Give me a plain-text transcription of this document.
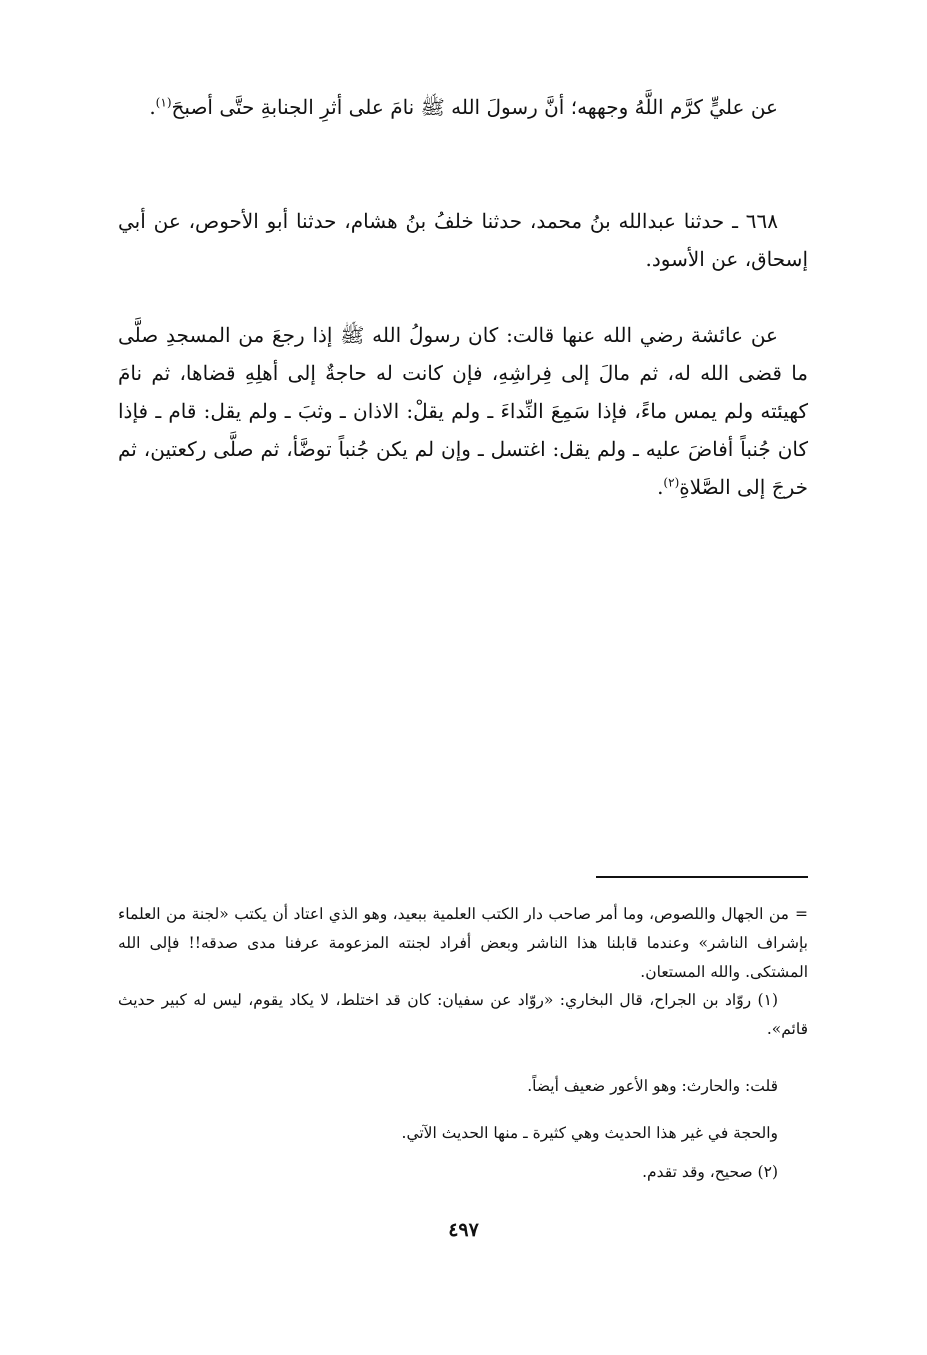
عن عليٍّ كرَّم اللَّهُ وجههه؛ أنَّ رسولَ الله ﷺ نامَ على أثرِ الجنابةِ حتَّى أصبحَ$^{(١)}$.

٦٦٨ ـ حدثنا عبدالله بنُ محمد، حدثنا خلفُ بنُ هشام، حدثنا أبو الأحوص، عن أبي إسحاق، عن الأسود.

عن عائشة رضي الله عنها قالت: كان رسولُ الله ﷺ إذا رجعَ من المسجدِ صلَّى ما قضى الله له، ثم مالَ إلى فِراشِهِ، فإن كانت له حاجةٌ إلى أهلِهِ قضاها، ثم نامَ كهيئته ولم يمس ماءً، فإذا سَمِعَ النِّداءَ ـ ولم يقلْ: الاذان ـ وثبَ ـ ولم يقل: قام ـ فإذا كان جُنباً أفاضَ عليه ـ ولم يقل: اغتسل ـ وإن لم يكن جُنباً توضَّأ، ثم صلَّى ركعتين، ثم خرجَ إلى الصَّلاةِ$^{(٢)}$.

=من الجهال واللصوص، وما أمر صاحب دار الكتب العلمية ببعيد، وهو الذي اعتاد أن يكتب «لجنة من العلماء بإشراف الناشر» وعندما قابلنا هذا الناشر وبعض أفراد لجنته المزعومة عرفنا مدى صدقه!! فإلى الله المشتكى. والله المستعان.

(١) روّاد بن الجراح، قال البخاري: «روّاد عن سفيان: كان قد اختلط، لا يكاد يقوم، ليس له كبير حديث قائم».

قلت: والحارث: وهو الأعور ضعيف أيضاً.

والحجة في غير هذا الحديث وهي كثيرة ـ منها الحديث الآتي.

(٢) صحيح، وقد تقدم.

٤٩٧
